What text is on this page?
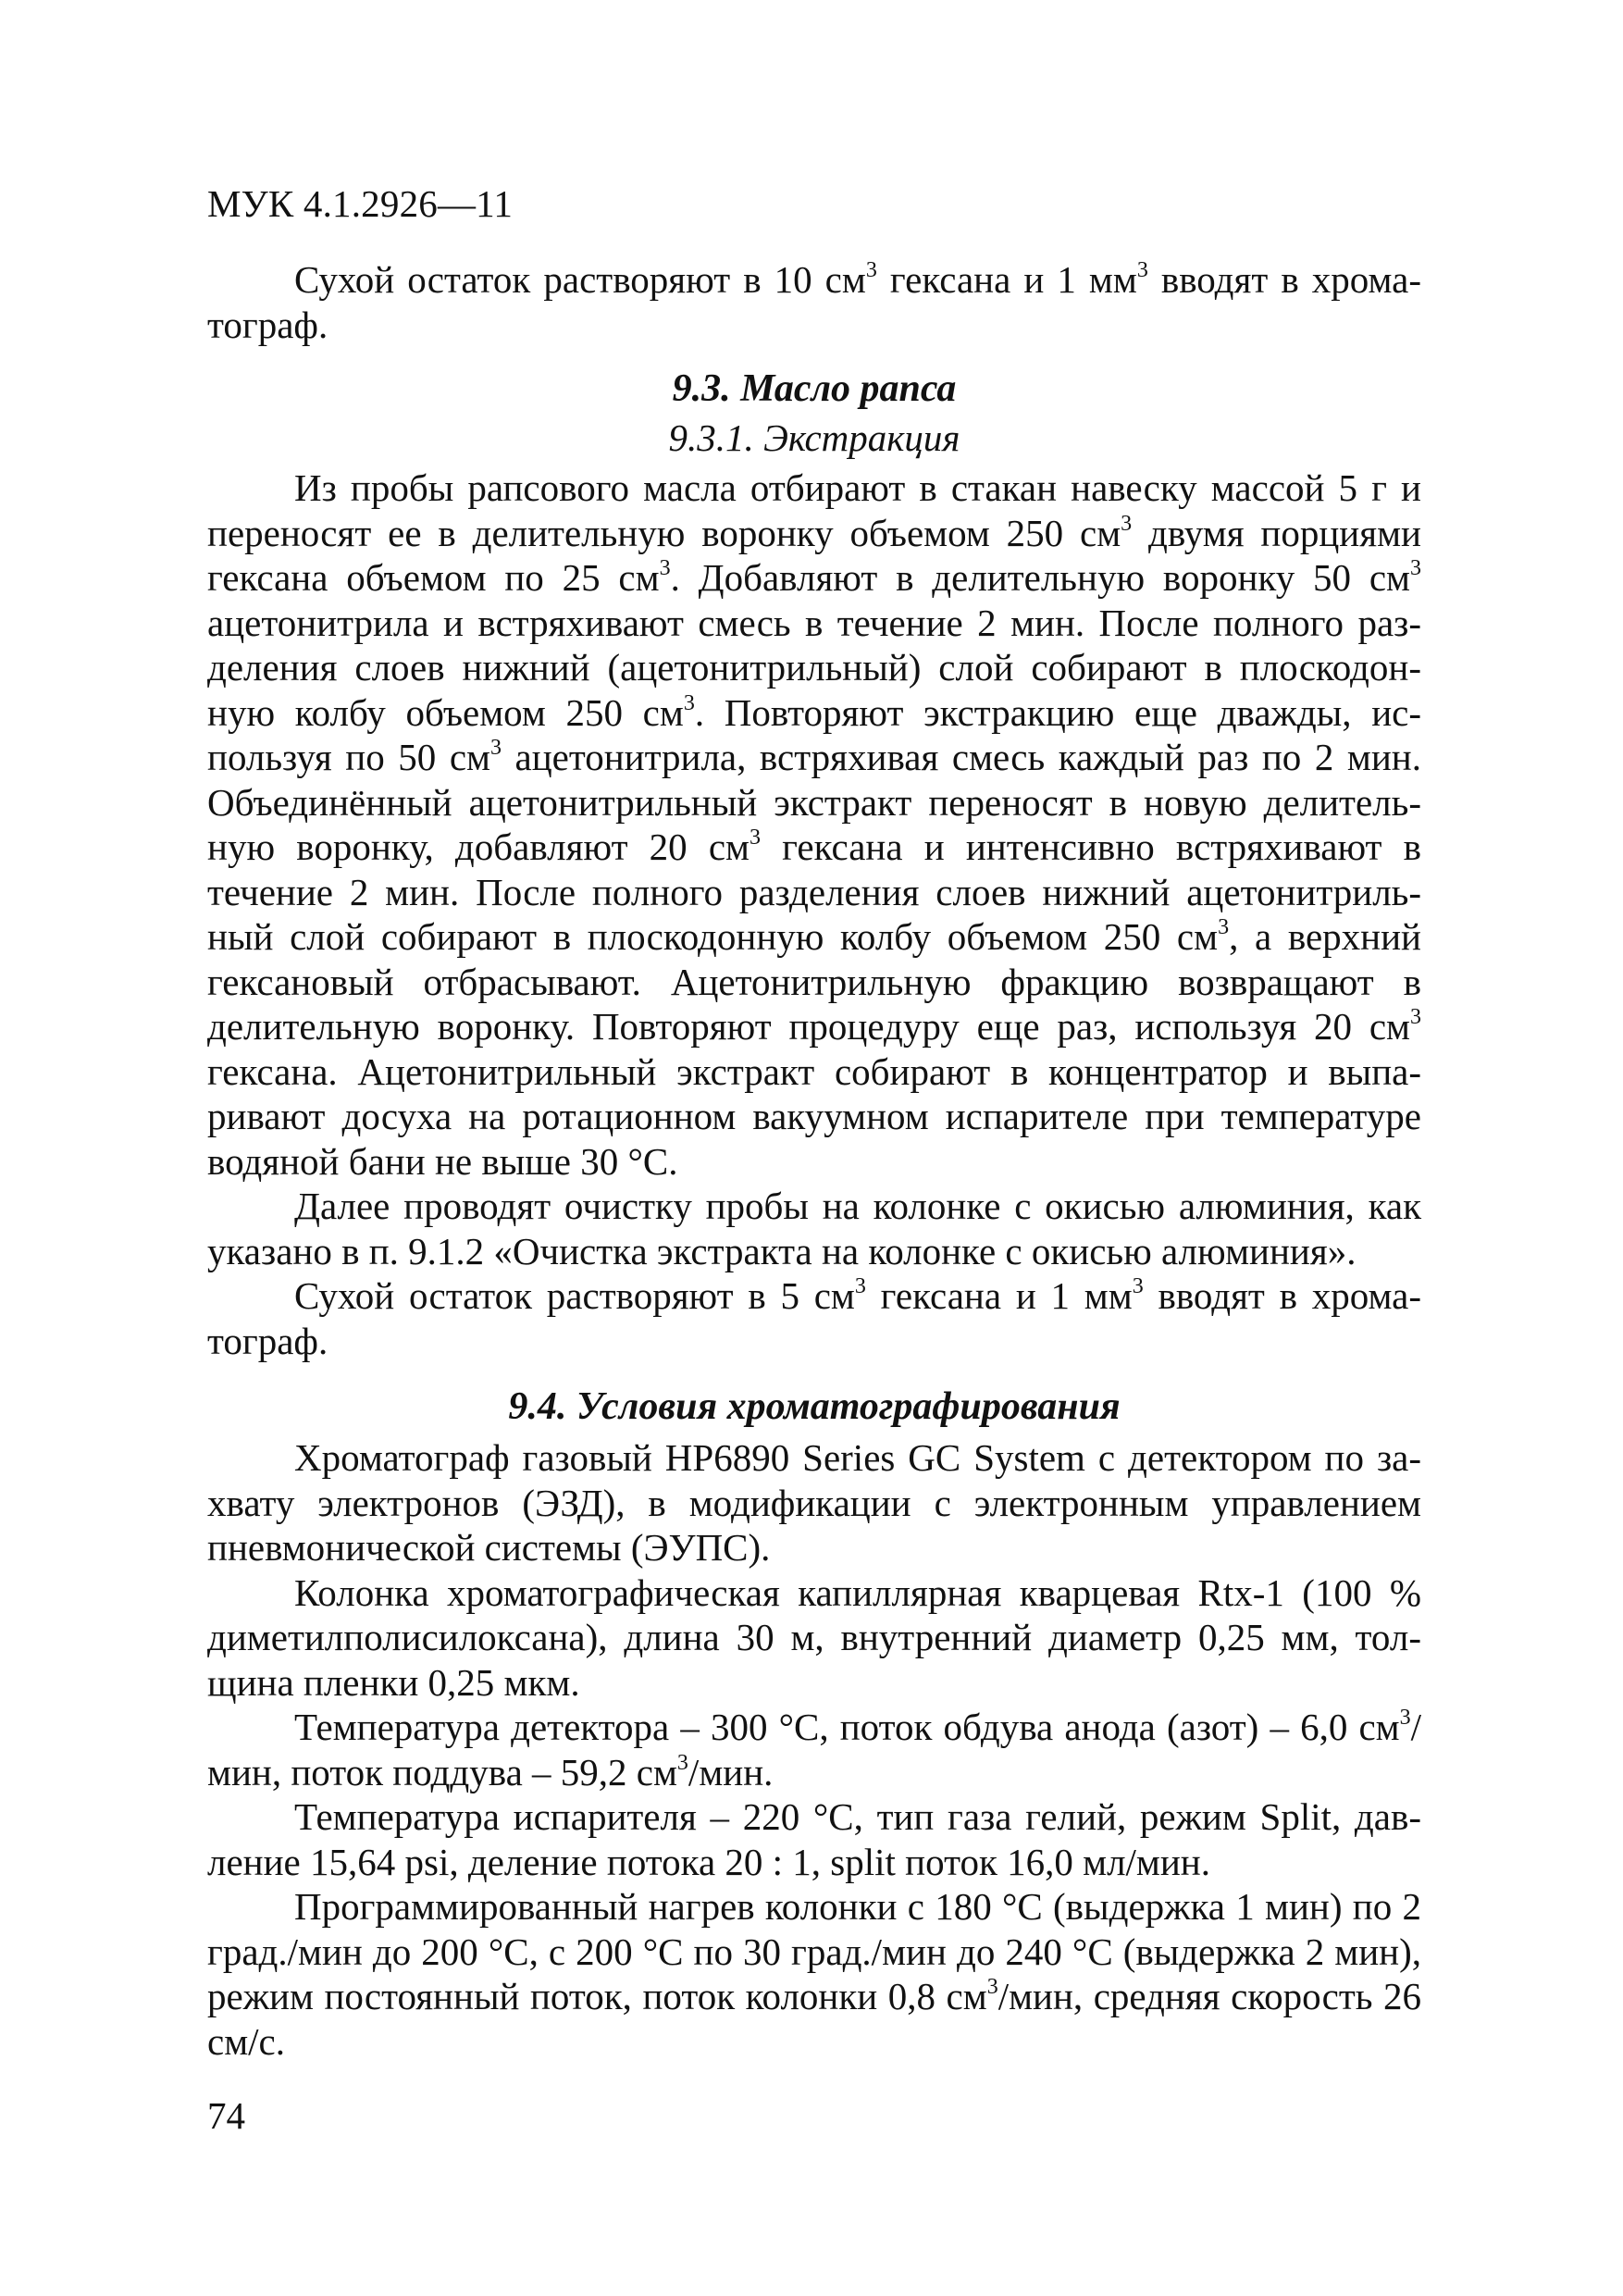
МУК 4.1.2926—11

Сухой остаток растворяют в 10 $см^3$ гексана и 1 $мм^3$ вводят в хрома-тограф.

9.3. Масло рапса
9.3.1. Экстракция

Из пробы рапсового масла отбирают в стакан навеску массой 5 г и переносят ее в делительную воронку объемом 250 $см^3$ двумя порциями гексана объемом по 25 $см^3$. Добавляют в делительную воронку 50 $см^3$ ацетонитрила и встряхивают смесь в течение 2 мин. После полного раз-деления слоев нижний (ацетонитрильный) слой собирают в плоскодон-ную колбу объемом 250 $см^3$. Повторяют экстракцию еще дважды, ис-пользуя по 50 $см^3$ ацетонитрила, встряхивая смесь каждый раз по 2 мин. Объединённый ацетонитрильный экстракт переносят в новую делитель-ную воронку, добавляют 20 $см^3$ гексана и интенсивно встряхивают в течение 2 мин. После полного разделения слоев нижний ацетонитриль-ный слой собирают в плоскодонную колбу объемом 250 $см^3$, а верхний гексановый отбрасывают. Ацетонитрильную фракцию возвращают в делительную воронку. Повторяют процедуру еще раз, используя 20 $см^3$ гексана. Ацетонитрильный экстракт собирают в концентратор и выпа-ривают досуха на ротационном вакуумном испарителе при температуре водяной бани не выше 30 °С.

Далее проводят очистку пробы на колонке с окисью алюминия, как указано в п. 9.1.2 «Очистка экстракта на колонке с окисью алюминия».

Сухой остаток растворяют в 5 $см^3$ гексана и 1 $мм^3$ вводят в хрома-тограф.

9.4. Условия хроматографирования

Хроматограф газовый HP6890 Series GC System с детектором по за-хвату электронов (ЭЗД), в модификации с электронным управлением пневмонической системы (ЭУПС).

Колонка хроматографическая капиллярная кварцевая Rtx-1 (100 % диметилполисилоксана), длина 30 м, внутренний диаметр 0,25 мм, тол-щина пленки 0,25 мкм.

Температура детектора – 300 °С, поток обдува анода (азот) – 6,0 $см^3$/мин, поток поддува – 59,2 $см^3$/мин.

Температура испарителя – 220 °С, тип газа гелий, режим Split, дав-ление 15,64 psi, деление потока 20 : 1, split поток 16,0 мл/мин.

Программированный нагрев колонки с 180 °С (выдержка 1 мин) по 2 град./мин до 200 °С, с 200 °С по 30 град./мин до 240 °С (выдержка 2 мин), режим постоянный поток, поток колонки 0,8 $см^3$/мин, средняя скорость 26 см/с.

74
